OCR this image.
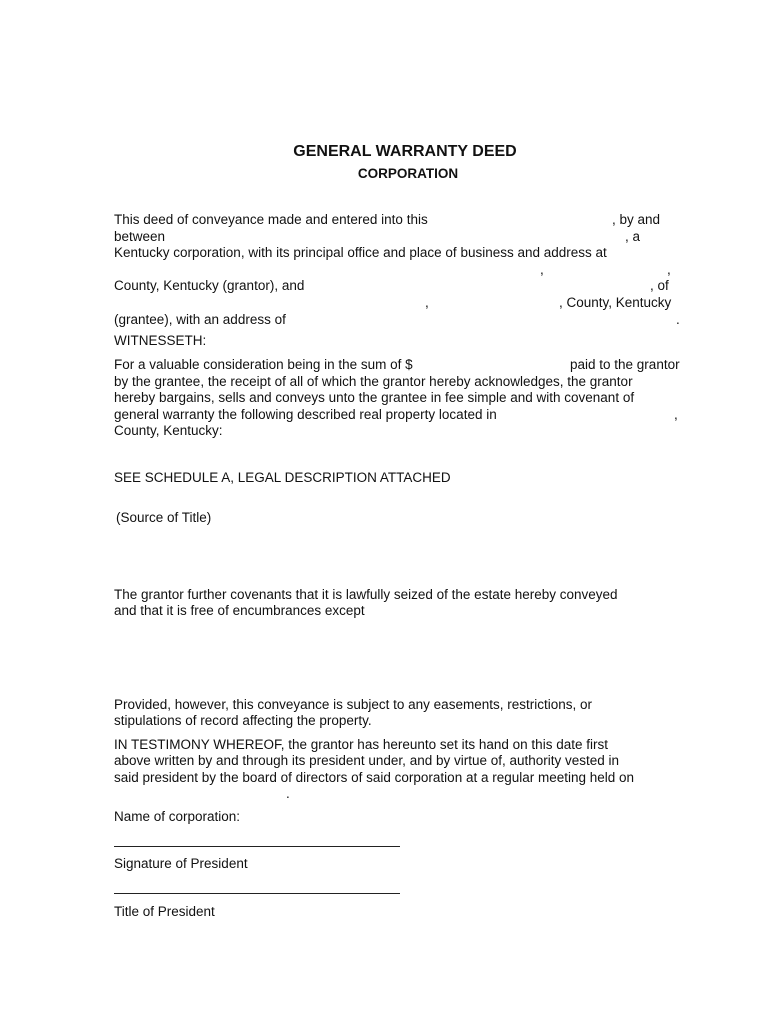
GENERAL WARRANTY DEED
CORPORATION
This deed of conveyance made and entered into this	, by and
between	, a
Kentucky corporation, with its principal office and place of business and address at
,	,
County, Kentucky (grantor), and	, of
,	, County, Kentucky
(grantee), with an address of	.
WITNESSETH:
For a valuable consideration being in the sum of $	paid to the grantor
by the grantee, the receipt of all of which the grantor hereby acknowledges, the grantor
hereby bargains, sells and conveys unto the grantee in fee simple and with covenant of
general warranty the following described real property located in	,
County, Kentucky:
SEE SCHEDULE A, LEGAL DESCRIPTION ATTACHED
(Source of Title)
The grantor further covenants that it is lawfully seized of the estate hereby conveyed
and that it is free of encumbrances except
Provided, however, this conveyance is subject to any easements, restrictions, or
stipulations of record affecting the property.
IN TESTIMONY WHEREOF, the grantor has hereunto set its hand on this date first
above written by and through its president under, and by virtue of, authority vested in
said president by the board of directors of said corporation at a regular meeting held on
.
Name of corporation:
Signature of President
Title of President
